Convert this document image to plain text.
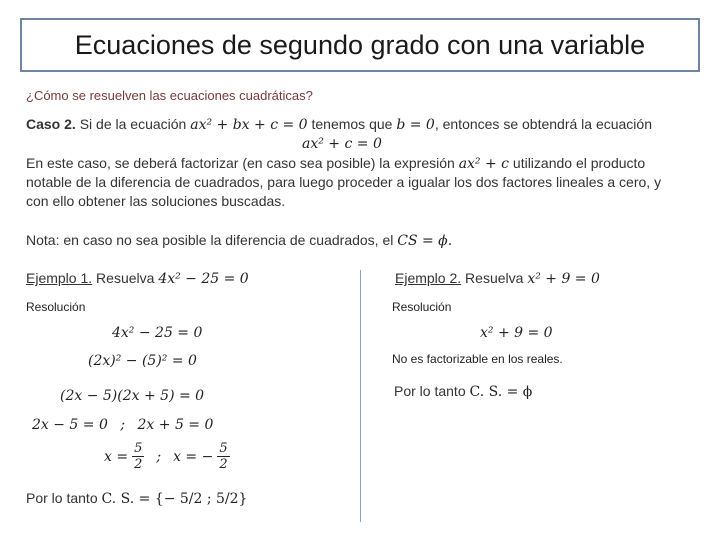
Ecuaciones de segundo grado con una variable
¿Cómo se resuelven las ecuaciones cuadráticas?
Caso 2. Si de la ecuación ax² + bx + c = 0 tenemos que b = 0, entonces se obtendrá la ecuación
ax² + c = 0
En este caso, se deberá factorizar (en caso sea posible) la expresión ax² + c utilizando el producto
notable de la diferencia de cuadrados, para luego proceder a igualar los dos factores lineales a cero, y
con ello obtener las soluciones buscadas.
Nota: en caso no sea posible la diferencia de cuadrados, el CS = ϕ.
Ejemplo 1. Resuelva 4x² − 25 = 0
Resolución
4x² − 25 = 0
(2x)² − (5)² = 0
(2x − 5)(2x + 5) = 0
2x − 5 = 0 ; 2x + 5 = 0
$x = \frac{5}{2}$ ; x = − $\frac{5}{2}$
Por lo tanto C. S. = {− 5/2 ; 5/2}
Ejemplo 2. Resuelva x² + 9 = 0
Resolución
x² + 9 = 0
No es factorizable en los reales.
Por lo tanto C. S. = ϕ
